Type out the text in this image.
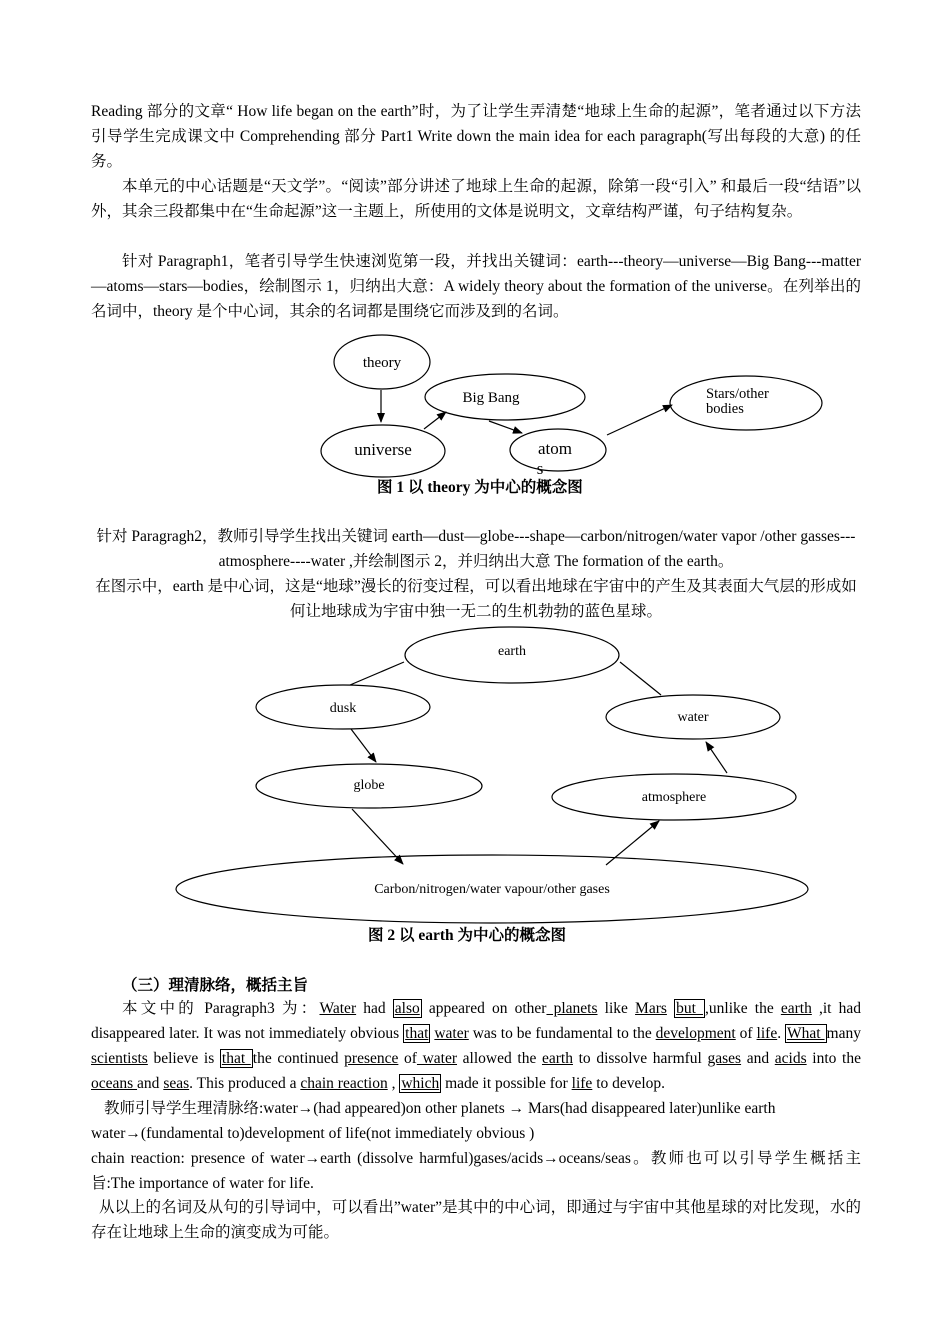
Reading 部分的文章“ How life began on the earth”时，为了让学生弄清楚“地球上生命的起源”，笔者通过以下方法引导学生完成课文中 Comprehending 部分 Part1 Write down the main idea for each paragraph(写出每段的大意) 的任务。

本单元的中心话题是“天文学”。“阅读”部分讲述了地球上生命的起源，除第一段“引入” 和最后一段“结语”以外，其余三段都集中在“生命起源”这一主题上，所使用的文体是说明文，文章结构严谨，句子结构复杂。

针对 Paragraph1，笔者引导学生快速浏览第一段，并找出关键词：earth---theory—universe—Big Bang---matter—atoms—stars—bodies，绘制图示 1，归纳出大意：A widely theory about the formation of the universe。在列举出的名词中，theory 是个中心词，其余的名词都是围绕它而涉及到的名词。

theory
universe
Big Bang
atom
s
Stars/other
bodies
earth
dusk
water
globe
atmosphere
Carbon/nitrogen/water vapour/other gases
图 1 以 theory 为中心的概念图

针对 Paragragh2，教师引导学生找出关键词 earth—dust—globe---shape—carbon/nitrogen/water vapor /other gasses---atmosphere----water ,并绘制图示 2，并归纳出大意 The formation of the earth。

在图示中，earth 是中心词，这是“地球”漫长的衍变过程，可以看出地球在宇宙中的产生及其表面大气层的形成如何让地球成为宇宙中独一无二的生机勃勃的蓝色星球。

图 2 以 earth 为中心的概念图
（三）理清脉络，概括主旨

本文中的 Paragraph3 为：Water had also appeared on other planets like Mars but ,unlike the earth ,it had disappeared later. It was not immediately obvious that water was to be fundamental to the development of life. What many scientists believe is that the continued presence of water allowed the earth to dissolve harmful gases and acids into the oceans and seas. This produced a chain reaction , which made it possible for life to develop.

教师引导学生理清脉络:water→(had appeared)on other planets → Mars(had disappeared later)unlike earth

water→(fundamental to)development of life(not immediately obvious )

chain reaction: presence of water→earth (dissolve harmful)gases/acids→oceans/seas。教师也可以引导学生概括主旨:The importance of water for life.

从以上的名词及从句的引导词中，可以看出”water”是其中的中心词，即通过与宇宙中其他星球的对比发现，水的存在让地球上生命的演变成为可能。
